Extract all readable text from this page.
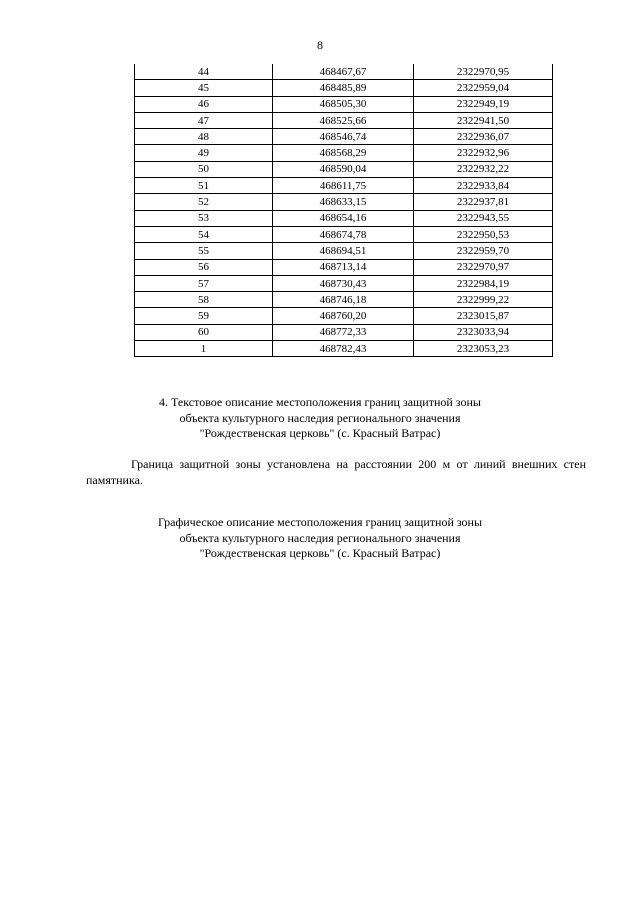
8
44	468467,67	2322970,95
45	468485,89	2322959,04
46	468505,30	2322949,19
47	468525,66	2322941,50
48	468546,74	2322936,07
49	468568,29	2322932,96
50	468590,04	2322932,22
51	468611,75	2322933,84
52	468633,15	2322937,81
53	468654,16	2322943,55
54	468674,78	2322950,53
55	468694,51	2322959,70
56	468713,14	2322970,97
57	468730,43	2322984,19
58	468746,18	2322999,22
59	468760,20	2323015,87
60	468772,33	2323033,94
1	468782,43	2323053,23
4. Текстовое описание местоположения границ защитной зоны
объекта культурного наследия регионального значения
"Рождественская церковь" (с. Красный Ватрас)
Граница защитной зоны установлена на расстоянии 200 м от линий внешних стен
памятника.
Графическое описание местоположения границ защитной зоны
объекта культурного наследия регионального значения
"Рождественская церковь" (с. Красный Ватрас)
